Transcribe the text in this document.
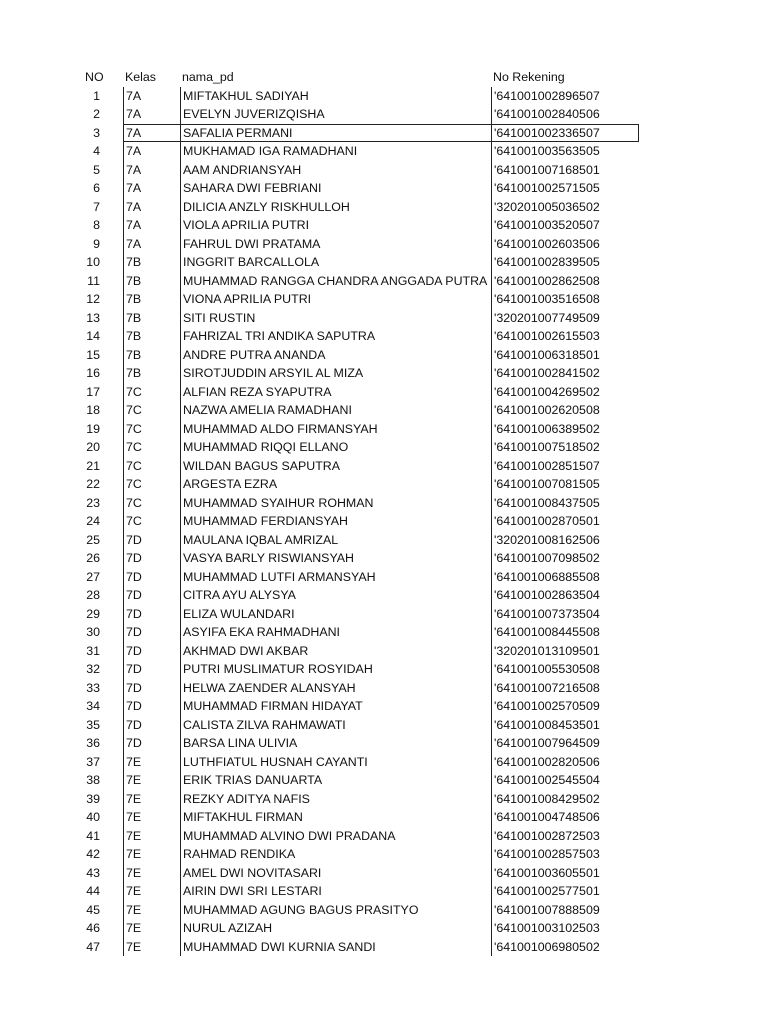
NO	Kelas	nama_pd	No Rekening
1 7A	MIFTAKHUL SADIYAH	'641001002896507
2 7A	EVELYN JUVERIZQISHA	'641001002840506
3 7A	SAFALIA PERMANI	'641001002336507
4 7A	MUKHAMAD IGA RAMADHANI	'641001003563505
5 7A	AAM ANDRIANSYAH	'641001007168501
6 7A	SAHARA DWI FEBRIANI	'641001002571505
7 7A	DILICIA ANZLY RISKHULLOH	'320201005036502
8 7A	VIOLA APRILIA PUTRI	'641001003520507
9 7A	FAHRUL DWI PRATAMA	'641001002603506
10 7B	INGGRIT BARCALLOLA	'641001002839505
11 7B	MUHAMMAD RANGGA CHANDRA ANGGADA PUTRA '641001002862508
12 7B	VIONA APRILIA PUTRI	'641001003516508
13 7B	SITI RUSTIN	'320201007749509
14 7B	FAHRIZAL TRI ANDIKA SAPUTRA	'641001002615503
15 7B	ANDRE PUTRA ANANDA	'641001006318501
16 7B	SIROTJUDDIN ARSYIL AL MIZA	'641001002841502
17 7C	ALFIAN REZA SYAPUTRA	'641001004269502
18 7C	NAZWA AMELIA RAMADHANI	'641001002620508
19 7C	MUHAMMAD ALDO FIRMANSYAH	'641001006389502
20 7C	MUHAMMAD RIQQI ELLANO	'641001007518502
21 7C	WILDAN BAGUS SAPUTRA	'641001002851507
22 7C	ARGESTA EZRA	'641001007081505
23 7C	MUHAMMAD SYAIHUR ROHMAN	'641001008437505
24 7C	MUHAMMAD FERDIANSYAH	'641001002870501
25 7D	MAULANA IQBAL AMRIZAL	'320201008162506
26 7D	VASYA BARLY RISWIANSYAH	'641001007098502
27 7D	MUHAMMAD LUTFI ARMANSYAH	'641001006885508
28 7D	CITRA AYU ALYSYA	'641001002863504
29 7D	ELIZA WULANDARI	'641001007373504
30 7D	ASYIFA EKA RAHMADHANI	'641001008445508
31 7D	AKHMAD DWI AKBAR	'320201013109501
32 7D	PUTRI MUSLIMATUR ROSYIDAH	'641001005530508
33 7D	HELWA ZAENDER ALANSYAH	'641001007216508
34 7D	MUHAMMAD FIRMAN HIDAYAT	'641001002570509
35 7D	CALISTA ZILVA RAHMAWATI	'641001008453501
36 7D	BARSA LINA ULIVIA	'641001007964509
37 7E	LUTHFIATUL HUSNAH CAYANTI	'641001002820506
38 7E	ERIK TRIAS DANUARTA	'641001002545504
39 7E	REZKY ADITYA NAFIS	'641001008429502
40 7E	MIFTAKHUL FIRMAN	'641001004748506
41 7E	MUHAMMAD ALVINO DWI PRADANA	'641001002872503
42 7E	RAHMAD RENDIKA	'641001002857503
43 7E	AMEL DWI NOVITASARI	'641001003605501
44 7E	AIRIN DWI SRI LESTARI	'641001002577501
45 7E	MUHAMMAD AGUNG BAGUS PRASITYO	'641001007888509
46 7E	NURUL AZIZAH	'641001003102503
47 7E	MUHAMMAD DWI KURNIA SANDI	'641001006980502
